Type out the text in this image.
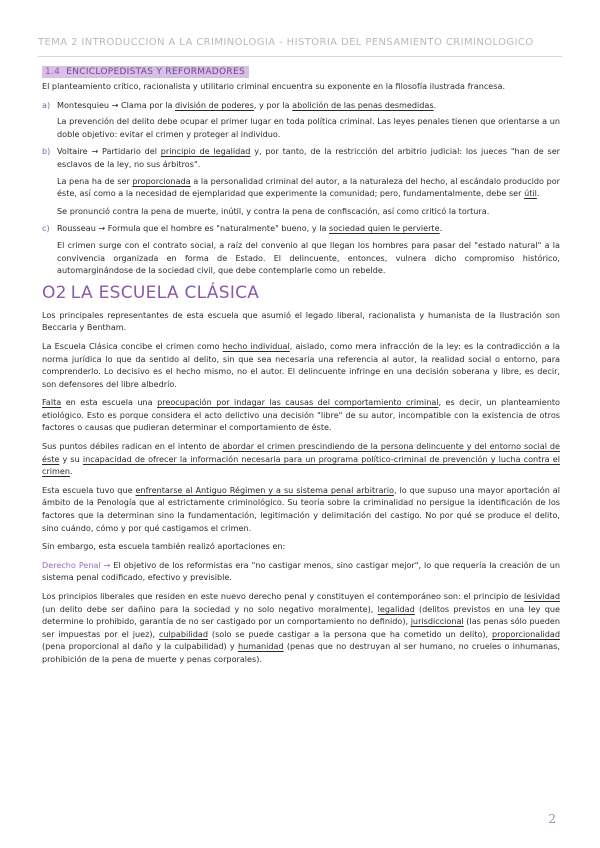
TEMA 2 INTRODUCCIÓN A LA CRIMINOLOGÍA - HISTORIA DEL PENSAMIENTO CRIMINOLÓGICO
1.4 ENCICLOPEDISTAS Y REFORMADORES

El planteamiento crítico, racionalista y utilitario criminal encuentra su exponente en la filosofía ilustrada francesa.

a) Montesquieu → Clama por la división de poderes, y por la abolición de las penas desmedidas.

La prevención del delito debe ocupar el primer lugar en toda política criminal. Las leyes penales tienen que orientarse a un doble objetivo: evitar el crimen y proteger al individuo.

b) Voltaire → Partidario del principio de legalidad y, por tanto, de la restricción del arbitrio judicial: los jueces "han de ser esclavos de la ley, no sus árbitros".

La pena ha de ser proporcionada a la personalidad criminal del autor, a la naturaleza del hecho, al escándalo producido por éste, así como a la necesidad de ejemplaridad que experimente la comunidad; pero, fundamentalmente, debe ser útil.

Se pronunció contra la pena de muerte, inútil, y contra la pena de confiscación, así como criticó la tortura.

c) Rousseau → Formula que el hombre es "naturalmente" bueno, y la sociedad quien le pervierte.

El crimen surge con el contrato social, a raíz del convenio al que llegan los hombres para pasar del "estado natural" a la convivencia organizada en forma de Estado. El delincuente, entonces, vulnera dicho compromiso histórico, automarginándose de la sociedad civil, que debe contemplarle como un rebelde.

O2 LA ESCUELA CLÁSICA

Los principales representantes de esta escuela que asumió el legado liberal, racionalista y humanista de la Ilustración son Beccaria y Bentham.

La Escuela Clásica concibe el crimen como hecho individual, aislado, como mera infracción de la ley: es la contradicción a la norma jurídica lo que da sentido al delito, sin que sea necesaria una referencia al autor, la realidad social o entorno, para comprenderlo. Lo decisivo es el hecho mismo, no el autor. El delincuente infringe en una decisión soberana y libre, es decir, son defensores del libre albedrío.

Falta en esta escuela una preocupación por indagar las causas del comportamiento criminal, es decir, un planteamiento etiológico. Esto es porque considera el acto delictivo una decisión "libre" de su autor, incompatible con la existencia de otros factores o causas que pudieran determinar el comportamiento de éste.

Sus puntos débiles radican en el intento de abordar el crimen prescindiendo de la persona delincuente y del entorno social de éste y su incapacidad de ofrecer la información necesaria para un programa político-criminal de prevención y lucha contra el crimen.

Esta escuela tuvo que enfrentarse al Antiguo Régimen y a su sistema penal arbitrario, lo que supuso una mayor aportación al ámbito de la Penología que al estrictamente criminológico. Su teoría sobre la criminalidad no persigue la identificación de los factores que la determinan sino la fundamentación, legitimación y delimitación del castigo. No por qué se produce el delito, sino cuándo, cómo y por qué castigamos el crimen.

Sin embargo, esta escuela también realizó aportaciones en:

Derecho Penal → El objetivo de los reformistas era "no castigar menos, sino castigar mejor", lo que requería la creación de un sistema penal codificado, efectivo y previsible.

Los principios liberales que residen en este nuevo derecho penal y constituyen el contemporáneo son: el principio de lesividad (un delito debe ser dañino para la sociedad y no solo negativo moralmente), legalidad (delitos previstos en una ley que determine lo prohibido, garantía de no ser castigado por un comportamiento no definido), jurisdiccional (las penas sólo pueden ser impuestas por el juez), culpabilidad (solo se puede castigar a la persona que ha cometido un delito), proporcionalidad (pena proporcional al daño y la culpabilidad) y humanidad (penas que no destruyan al ser humano, no crueles o inhumanas, prohibición de la pena de muerte y penas corporales).

2
